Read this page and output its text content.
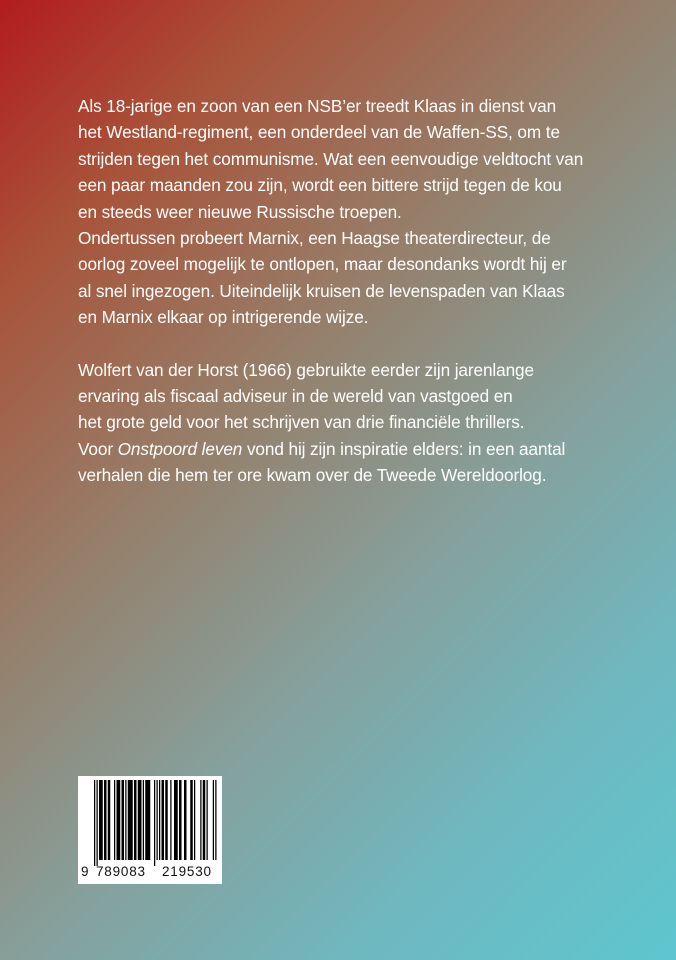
Als 18-jarige en zoon van een NSB’er treedt Klaas in dienst van
het Westland-regiment, een onderdeel van de Waffen-SS, om te
strijden tegen het communisme. Wat een eenvoudige veldtocht van
een paar maanden zou zijn, wordt een bittere strijd tegen de kou
en steeds weer nieuwe Russische troepen.
Ondertussen probeert Marnix, een Haagse theaterdirecteur, de
oorlog zoveel mogelijk te ontlopen, maar desondanks wordt hij er
al snel ingezogen. Uiteindelijk kruisen de levenspaden van Klaas
en Marnix elkaar op intrigerende wijze.

Wolfert van der Horst (1966) gebruikte eerder zijn jarenlange
ervaring als fiscaal adviseur in de wereld van vastgoed en
het grote geld voor het schrijven van drie financiële thrillers.
Voor Onstpoord leven vond hij zijn inspiratie elders: in een aantal
verhalen die hem ter ore kwam over de Tweede Wereldoorlog.

9 789083 219530
